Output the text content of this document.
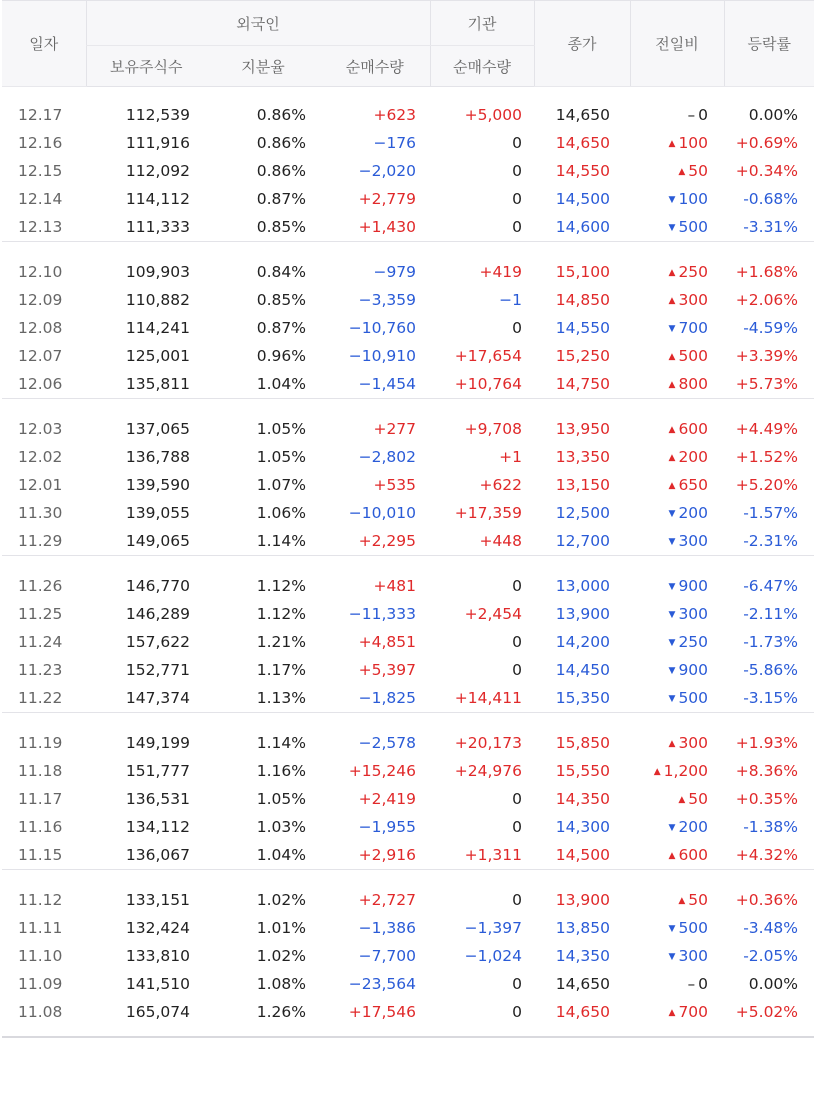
일자	외국인			기관	종가	전일비	등락률
	보유주식수	지분율	순매수량	순매수량			

12.17	112,539	0.86%	+623	+5,000	14,650	– 0	0.00%
12.16	111,916	0.86%	−176	0	14,650	▲ 100	+0.69%
12.15	112,092	0.86%	−2,020	0	14,550	▲ 50	+0.34%
12.14	114,112	0.87%	+2,779	0	14,500	▼ 100	-0.68%
12.13	111,333	0.85%	+1,430	0	14,600	▼ 500	-3.31%

12.10	109,903	0.84%	−979	+419	15,100	▲ 250	+1.68%
12.09	110,882	0.85%	−3,359	−1	14,850	▲ 300	+2.06%
12.08	114,241	0.87%	−10,760	0	14,550	▼ 700	-4.59%
12.07	125,001	0.96%	−10,910	+17,654	15,250	▲ 500	+3.39%
12.06	135,811	1.04%	−1,454	+10,764	14,750	▲ 800	+5.73%

12.03	137,065	1.05%	+277	+9,708	13,950	▲ 600	+4.49%
12.02	136,788	1.05%	−2,802	+1	13,350	▲ 200	+1.52%
12.01	139,590	1.07%	+535	+622	13,150	▲ 650	+5.20%
11.30	139,055	1.06%	−10,010	+17,359	12,500	▼ 200	-1.57%
11.29	149,065	1.14%	+2,295	+448	12,700	▼ 300	-2.31%

11.26	146,770	1.12%	+481	0	13,000	▼ 900	-6.47%
11.25	146,289	1.12%	−11,333	+2,454	13,900	▼ 300	-2.11%
11.24	157,622	1.21%	+4,851	0	14,200	▼ 250	-1.73%
11.23	152,771	1.17%	+5,397	0	14,450	▼ 900	-5.86%
11.22	147,374	1.13%	−1,825	+14,411	15,350	▼ 500	-3.15%

11.19	149,199	1.14%	−2,578	+20,173	15,850	▲ 300	+1.93%
11.18	151,777	1.16%	+15,246	+24,976	15,550	▲ 1,200	+8.36%
11.17	136,531	1.05%	+2,419	0	14,350	▲ 50	+0.35%
11.16	134,112	1.03%	−1,955	0	14,300	▼ 200	-1.38%
11.15	136,067	1.04%	+2,916	+1,311	14,500	▲ 600	+4.32%

11.12	133,151	1.02%	+2,727	0	13,900	▲ 50	+0.36%
11.11	132,424	1.01%	−1,386	−1,397	13,850	▼ 500	-3.48%
11.10	133,810	1.02%	−7,700	−1,024	14,350	▼ 300	-2.05%
11.09	141,510	1.08%	−23,564	0	14,650	– 0	0.00%
11.08	165,074	1.26%	+17,546	0	14,650	▲ 700	+5.02%
